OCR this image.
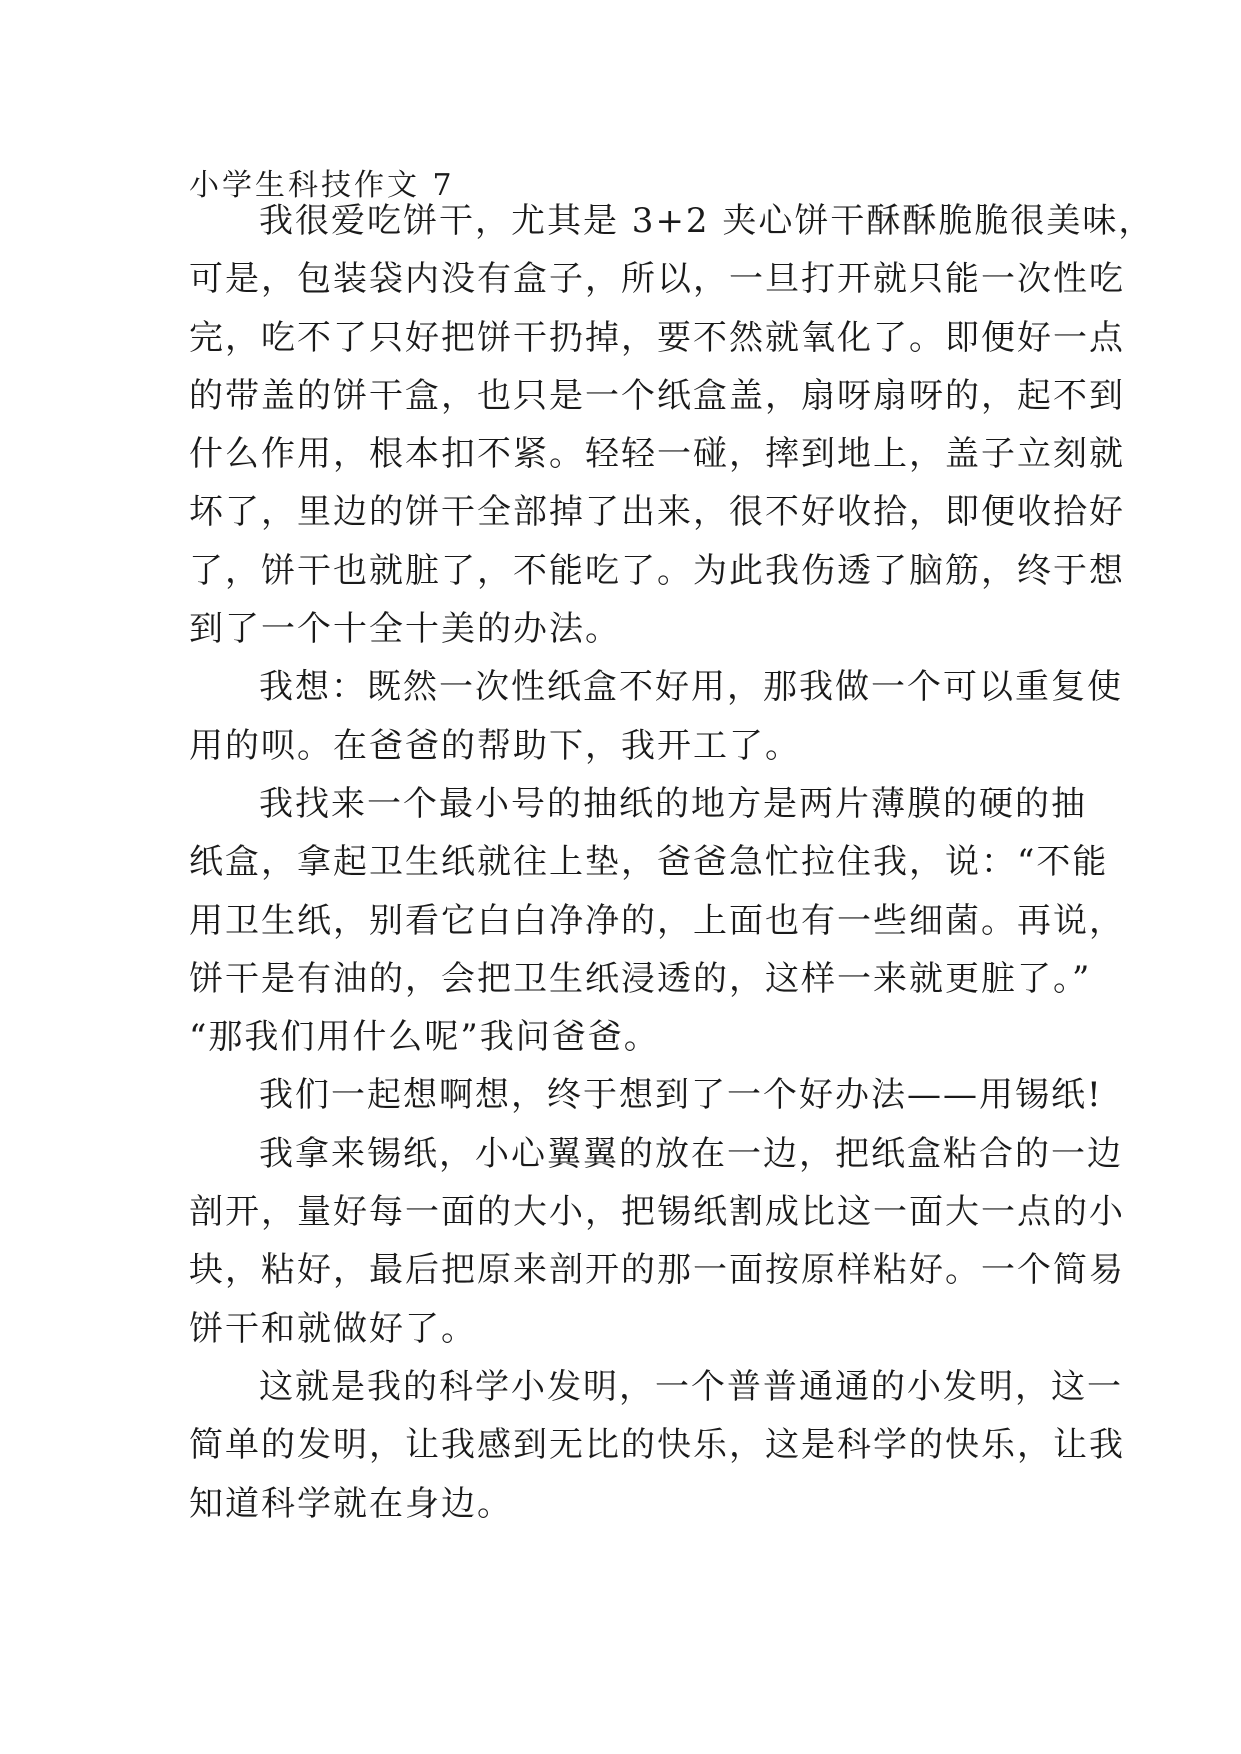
小学生科技作文 7
我很爱吃饼干，尤其是 3+2 夹心饼干酥酥脆脆很美味，
可是，包装袋内没有盒子，所以，一旦打开就只能一次性吃
完，吃不了只好把饼干扔掉，要不然就氧化了。即便好一点
的带盖的饼干盒，也只是一个纸盒盖，扇呀扇呀的，起不到
什么作用，根本扣不紧。轻轻一碰，摔到地上，盖子立刻就
坏了，里边的饼干全部掉了出来，很不好收拾，即便收拾好
了，饼干也就脏了，不能吃了。为此我伤透了脑筋，终于想
到了一个十全十美的办法。
我想：既然一次性纸盒不好用，那我做一个可以重复使
用的呗。在爸爸的帮助下，我开工了。
我找来一个最小号的抽纸的地方是两片薄膜的硬的抽
纸盒，拿起卫生纸就往上垫，爸爸急忙拉住我，说：“不能
用卫生纸，别看它白白净净的，上面也有一些细菌。再说，
饼干是有油的，会把卫生纸浸透的，这样一来就更脏了。”
“那我们用什么呢”我问爸爸。
我们一起想啊想，终于想到了一个好办法——用锡纸!
我拿来锡纸，小心翼翼的放在一边，把纸盒粘合的一边
剖开，量好每一面的大小，把锡纸割成比这一面大一点的小
块，粘好，最后把原来剖开的那一面按原样粘好。一个简易
饼干和就做好了。
这就是我的科学小发明，一个普普通通的小发明，这一
简单的发明，让我感到无比的快乐，这是科学的快乐，让我
知道科学就在身边。
